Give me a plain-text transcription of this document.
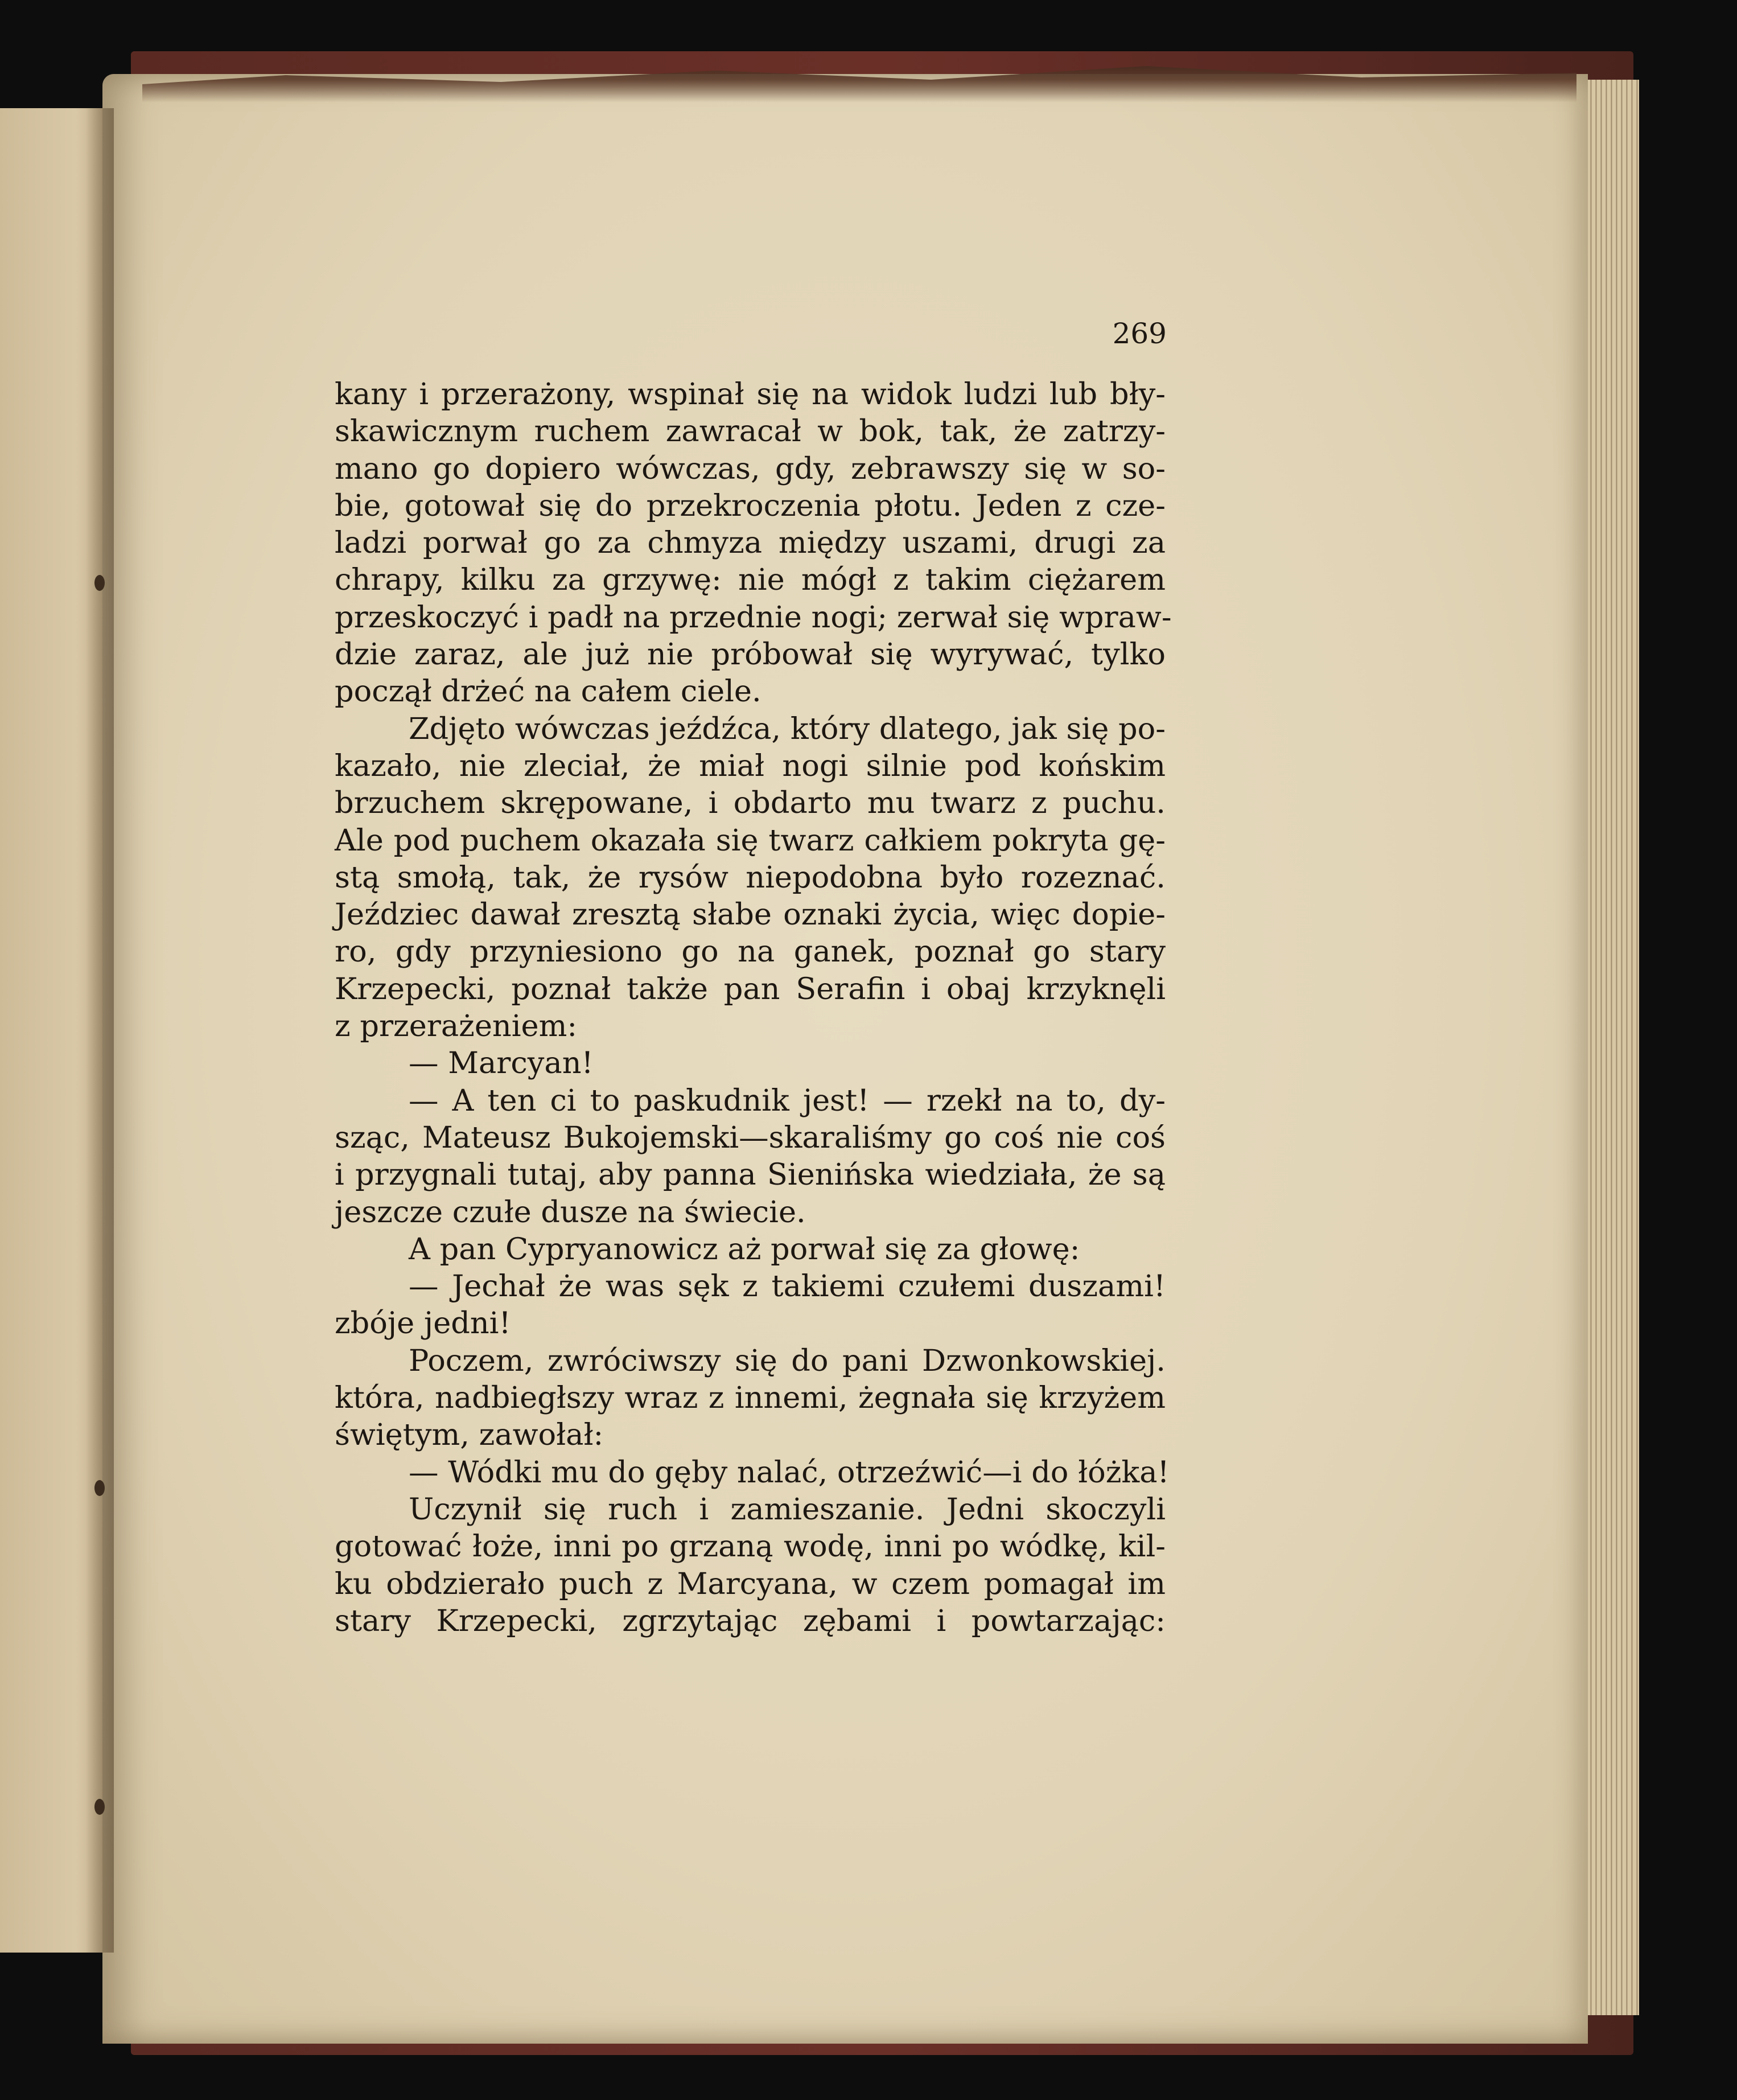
269
kany i przerażony, wspinał się na widok ludzi lub bły-
skawicznym ruchem zawracał w bok, tak, że zatrzy-
mano go dopiero wówczas, gdy, zebrawszy się w so-
bie, gotował się do przekroczenia płotu. Jeden z cze-
ladzi porwał go za chmyza między uszami, drugi za
chrapy, kilku za grzywę: nie mógł z takim ciężarem
przeskoczyć i padł na przednie nogi; zerwał się wpraw-
dzie zaraz, ale już nie próbował się wyrywać, tylko
począł drżeć na całem ciele.
Zdjęto wówczas jeźdźca, który dlatego, jak się po-
kazało, nie zleciał, że miał nogi silnie pod końskim
brzuchem skrępowane, i obdarto mu twarz z puchu.
Ale pod puchem okazała się twarz całkiem pokryta gę-
stą smołą, tak, że rysów niepodobna było rozeznać.
Jeździec dawał zresztą słabe oznaki życia, więc dopie-
ro, gdy przyniesiono go na ganek, poznał go stary
Krzepecki, poznał także pan Serafin i obaj krzyknęli
z przerażeniem:
— Marcyan!
— A ten ci to paskudnik jest! — rzekł na to, dy-
sząc, Mateusz Bukojemski—skaraliśmy go coś nie coś
i przygnali tutaj, aby panna Sienińska wiedziała, że są
jeszcze czułe dusze na świecie.
A pan Cypryanowicz aż porwał się za głowę:
— Jechał że was sęk z takiemi czułemi duszami!
zbóje jedni!
Poczem, zwróciwszy się do pani Dzwonkowskiej.
która, nadbiegłszy wraz z innemi, żegnała się krzyżem
świętym, zawołał:
— Wódki mu do gęby nalać, otrzeźwić—i do łóżka!
Uczynił się ruch i zamieszanie. Jedni skoczyli
gotować łoże, inni po grzaną wodę, inni po wódkę, kil-
ku obdzierało puch z Marcyana, w czem pomagał im
stary Krzepecki, zgrzytając zębami i powtarzając:
